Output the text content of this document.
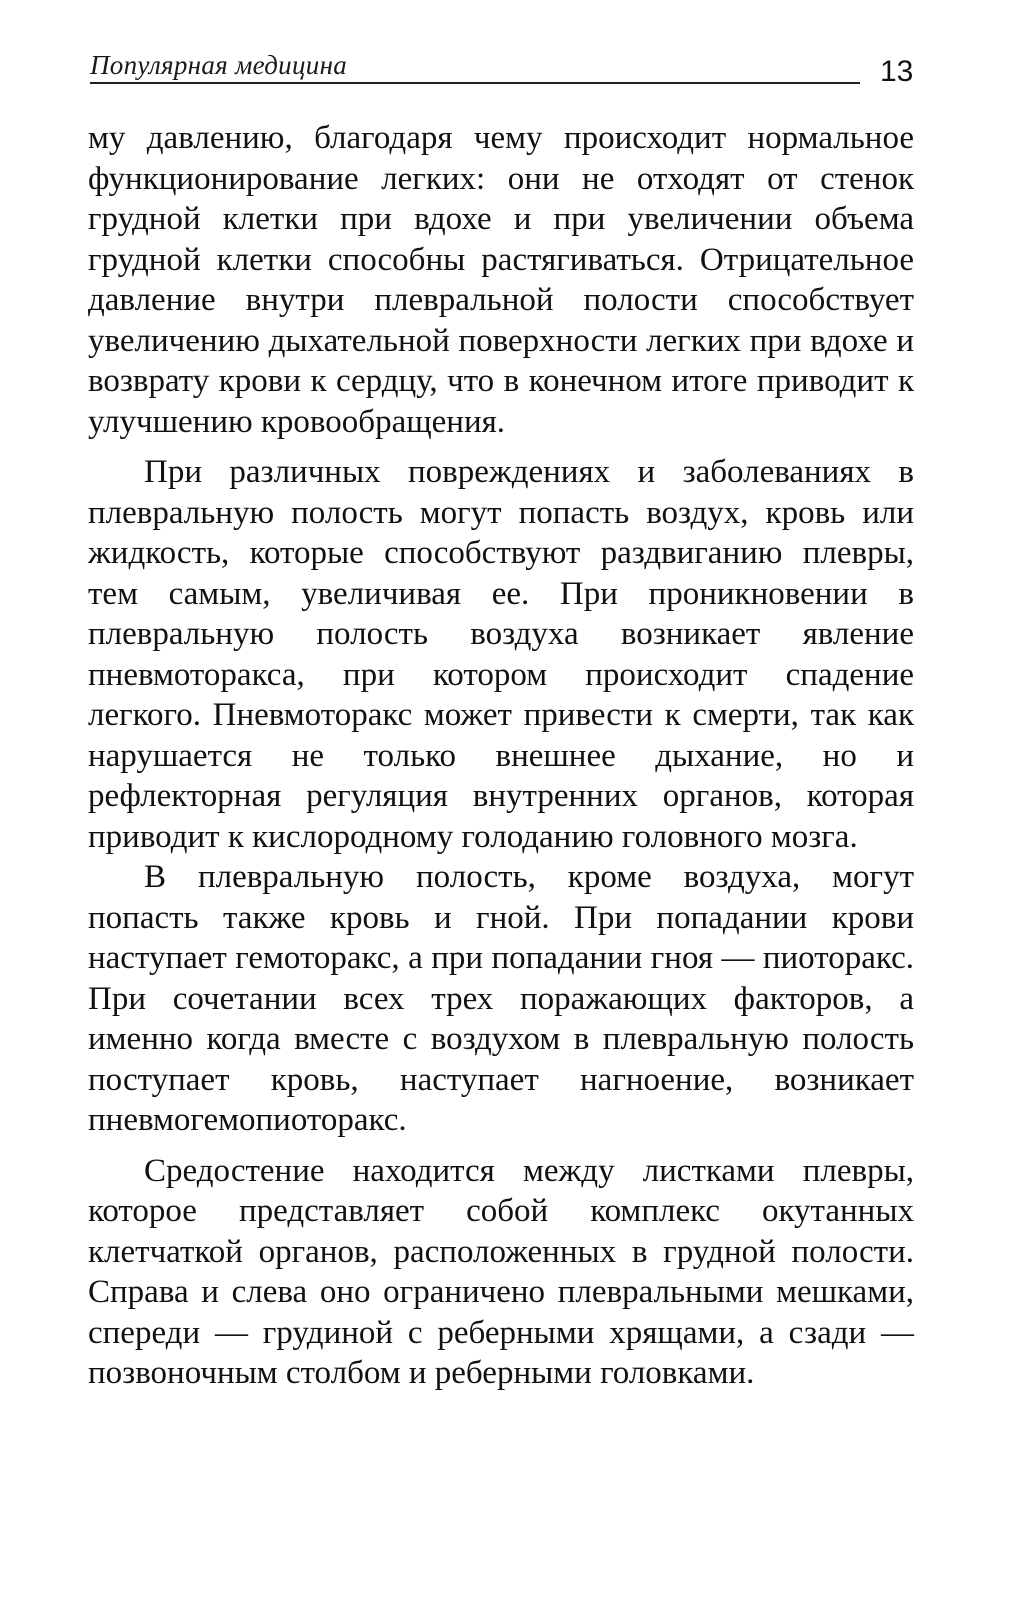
Популярная медицина	13

му давлению, благодаря чему происходит нормальное функционирование легких: они не отходят от стенок грудной клетки при вдохе и при увеличении объема грудной клетки способны растягиваться. Отрицательное давление внутри плевральной полости способствует увеличению дыхательной поверхности легких при вдохе и возврату крови к сердцу, что в конечном итоге приводит к улучшению кровообращения.

При различных повреждениях и заболеваниях в плевральную полость могут попасть воздух, кровь или жидкость, которые способствуют раздвиганию плевры, тем самым, увеличивая ее. При проникновении в плевральную полость воздуха возникает явление пневмоторакса, при котором происходит спадение легкого. Пневмоторакс может привести к смерти, так как нарушается не только внешнее дыхание, но и рефлекторная регуляция внутренних органов, которая приводит к кислородному голоданию головного мозга.

В плевральную полость, кроме воздуха, могут попасть также кровь и гной. При попадании крови наступает гемоторакс, а при попадании гноя — пиоторакс. При сочетании всех трех поражающих факторов, а именно когда вместе с воздухом в плевральную полость поступает кровь, наступает нагноение, возникает пневмогемопиоторакс.

Средостение находится между листками плевры, которое представляет собой комплекс окутанных клетчаткой органов, расположенных в грудной полости. Справа и слева оно ограничено плевральными мешками, спереди — грудиной с реберными хрящами, а сзади — позвоночным столбом и реберными головками.
